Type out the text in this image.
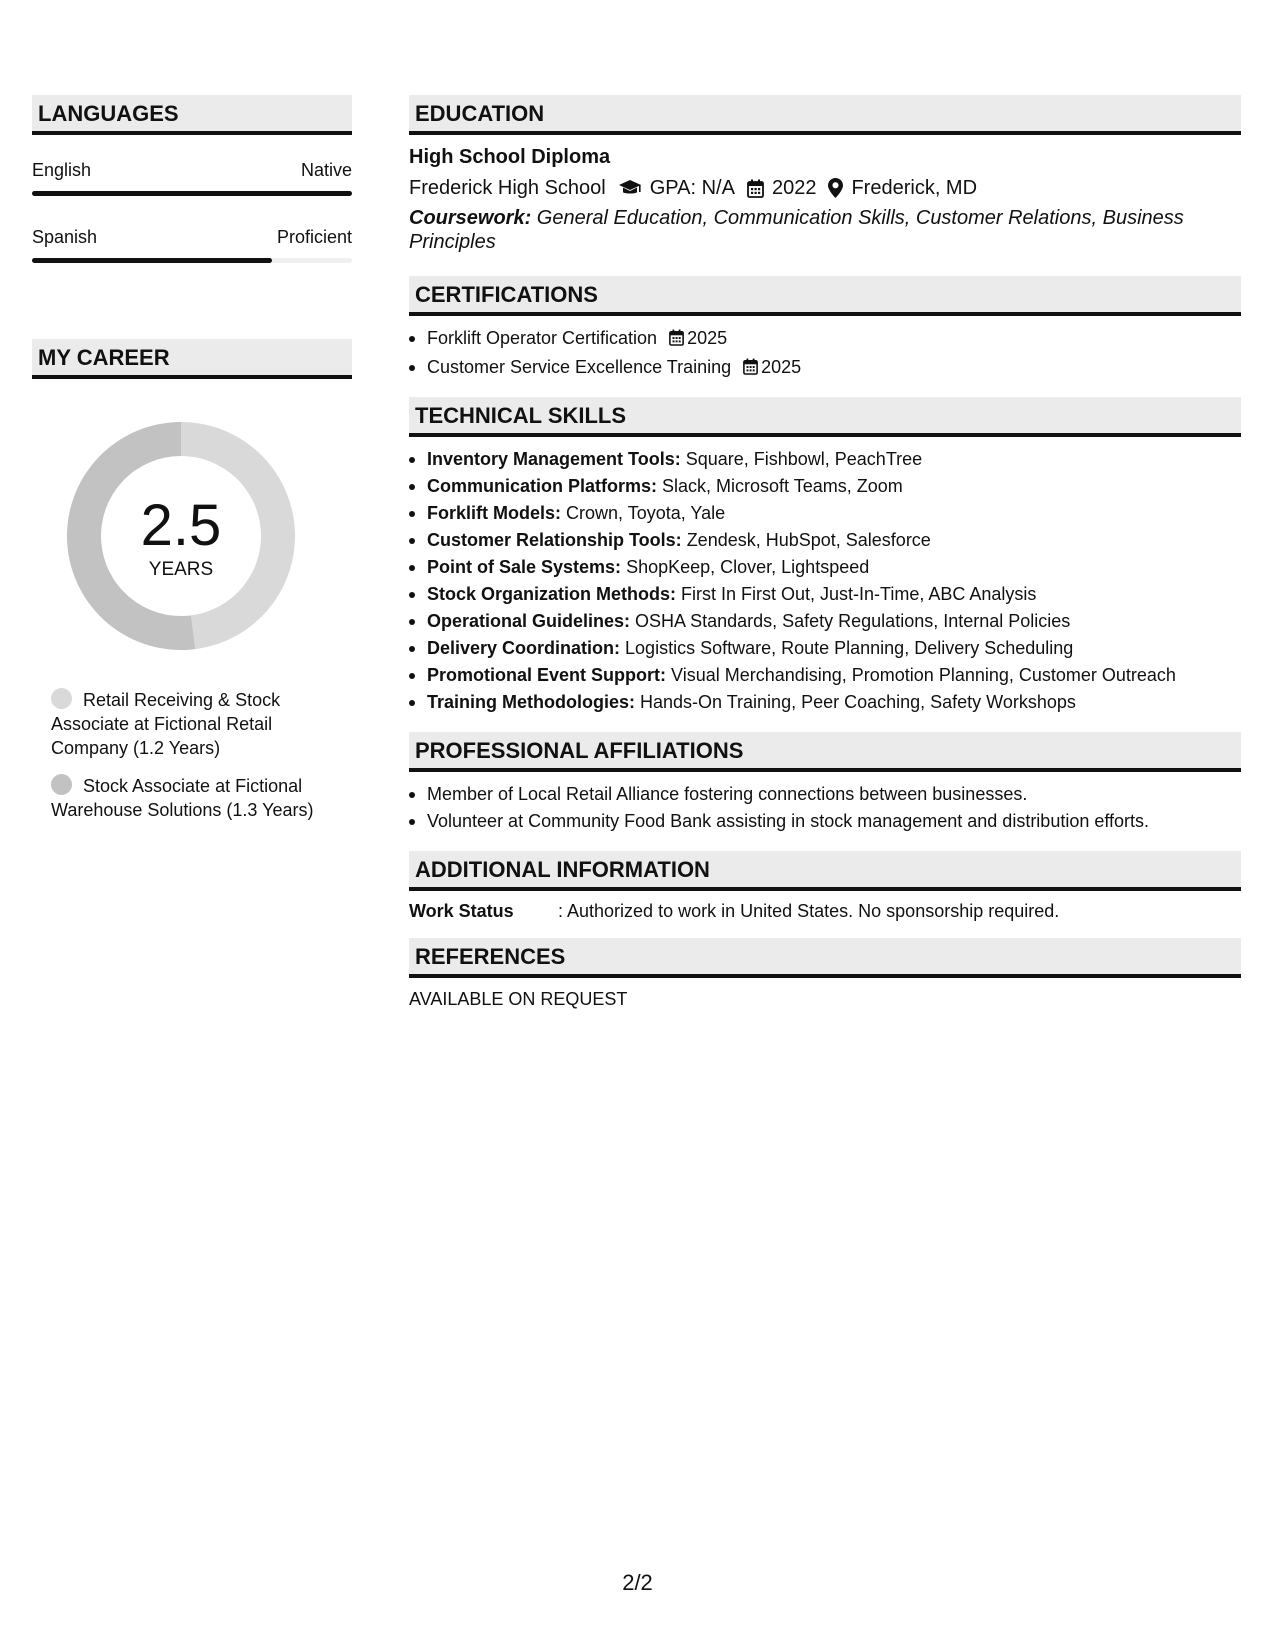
LANGUAGES
English	Native
Spanish	Proficient
MY CAREER
2.5
YEARS
Retail Receiving & Stock Associate at Fictional Retail Company (1.2 Years)
Stock Associate at Fictional Warehouse Solutions (1.3 Years)
EDUCATION
High School Diploma
Frederick High School GPA: N/A 2022 Frederick, MD
Coursework: General Education, Communication Skills, Customer Relations, Business Principles
CERTIFICATIONS
Forklift Operator Certification 2025
Customer Service Excellence Training 2025
TECHNICAL SKILLS
Inventory Management Tools: Square, Fishbowl, PeachTree
Communication Platforms: Slack, Microsoft Teams, Zoom
Forklift Models: Crown, Toyota, Yale
Customer Relationship Tools: Zendesk, HubSpot, Salesforce
Point of Sale Systems: ShopKeep, Clover, Lightspeed
Stock Organization Methods: First In First Out, Just-In-Time, ABC Analysis
Operational Guidelines: OSHA Standards, Safety Regulations, Internal Policies
Delivery Coordination: Logistics Software, Route Planning, Delivery Scheduling
Promotional Event Support: Visual Merchandising, Promotion Planning, Customer Outreach
Training Methodologies: Hands-On Training, Peer Coaching, Safety Workshops
PROFESSIONAL AFFILIATIONS
Member of Local Retail Alliance fostering connections between businesses.
Volunteer at Community Food Bank assisting in stock management and distribution efforts.
ADDITIONAL INFORMATION
Work Status	: Authorized to work in United States. No sponsorship required.
REFERENCES
AVAILABLE ON REQUEST
2/2
